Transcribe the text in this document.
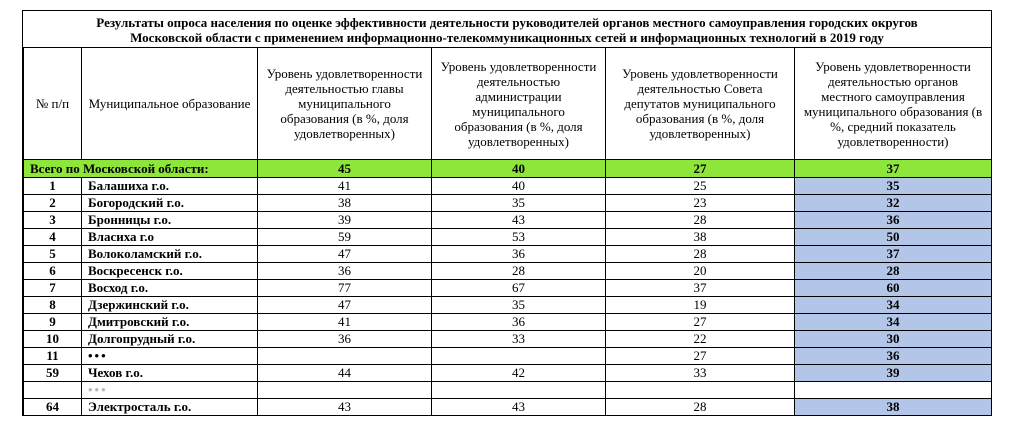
Результаты опроса населения по оценке эффективности деятельности руководителей органов местного самоуправления городских округов
Московской области с применением информационно-телекоммуникационных сетей и информационных технологий в 2019 году
№ п/п	Муниципальное образование	Уровень удовлетворенности деятельностью главы муниципального образования (в %, доля удовлетворенных)	Уровень удовлетворенности деятельностью администрации муниципального образования (в %, доля удовлетворенных)	Уровень удовлетворенности деятельностью Совета депутатов муниципального образования (в %, доля удовлетворенных)	Уровень удовлетворенности деятельностью органов местного самоуправления муниципального образования (в %, средний показатель удовлетворенности)
Всего по Московской области:		45	40	27	37
1	Балашиха г.о.	41	40	25	35
2	Богородский г.о.	38	35	23	32
3	Бронницы г.о.	39	43	28	36
4	Власиха г.о	59	53	38	50
5	Волоколамский г.о.	47	36	28	37
6	Воскресенск г.о.	36	28	20	28
7	Восход г.о.	77	67	37	60
8	Дзержинский г.о.	47	35	19	34
9	Дмитровский г.о.	41	36	27	34
10	Долгопрудный г.о.	36	33	22	30
11	•••			27	36
59	Чехов г.о.	44	42	33	39
	•••				
64	Электросталь г.о.	43	43	28	38
